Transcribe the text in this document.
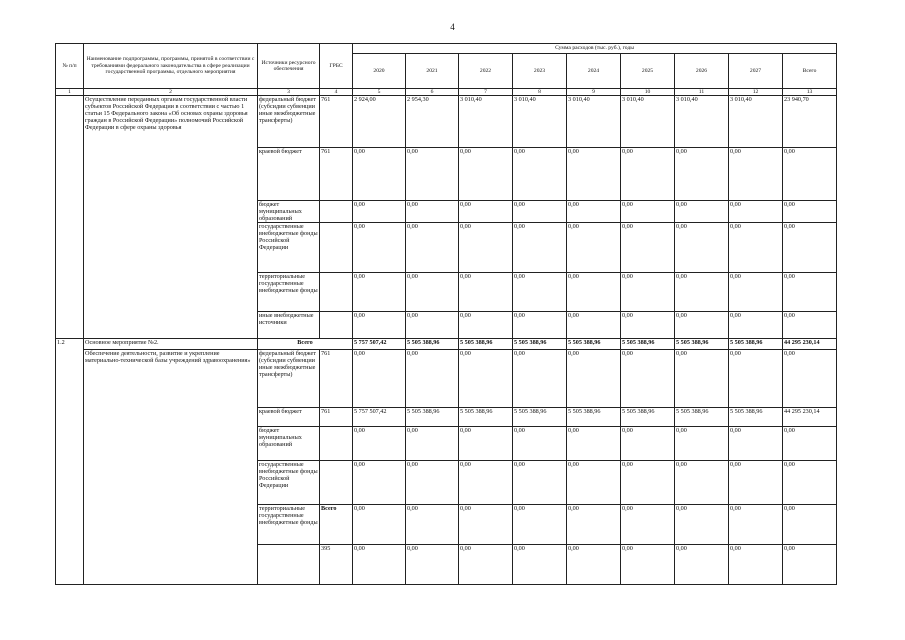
4
№ п/п	Наименование подпрограммы, программы, принятой в соответствии с требованиями федерального законодательства в сфере реализации государственной программы, отдельного мероприятия	Источники ресурсного обеспечения	ГРБС	Сумма расходов (тыс. руб.), годы								
				2020	2021	2022	2023	2024	2025	2026	2027	Всего
1	2	3	4	5	6	7	8	9	10	11	12	13
	Осуществление переданных органам государственной власти субъектов Российской Федерации в соответствии с частью 1 статьи 15 Федерального закона «Об основах охраны здоровья граждан в Российской Федерации» полномочий Российской Федерации в сфере охраны здоровья	федеральный бюджет (субсидии субвенции иные межбюджетные трансферты)	761	2 924,00	2 954,30	3 010,40	3 010,40	3 010,40	3 010,40	3 010,40	3 010,40	23 940,70
		краевой бюджет	761	0,00	0,00	0,00	0,00	0,00	0,00	0,00	0,00	0,00
		бюджет муниципальных образований		0,00	0,00	0,00	0,00	0,00	0,00	0,00	0,00	0,00
		государственные внебюджетные фонды Российской Федерации		0,00	0,00	0,00	0,00	0,00	0,00	0,00	0,00	0,00
		территориальные государственные внебюджетные фонды		0,00	0,00	0,00	0,00	0,00	0,00	0,00	0,00	0,00
		иные внебюджетные источники		0,00	0,00	0,00	0,00	0,00	0,00	0,00	0,00	0,00
1.2	Основное мероприятие №2.	Всего		5 757 507,42	5 505 388,96	5 505 388,96	5 505 388,96	5 505 388,96	5 505 388,96	5 505 388,96	5 505 388,96	44 295 230,14
	Обеспечение деятельности, развитие и укрепление материально-технической базы учреждений здравоохранения»	федеральный бюджет (субсидии субвенции иные межбюджетные трансферты)	761	0,00	0,00	0,00	0,00	0,00	0,00	0,00	0,00	0,00
		краевой бюджет	761	5 757 507,42	5 505 388,96	5 505 388,96	5 505 388,96	5 505 388,96	5 505 388,96	5 505 388,96	5 505 388,96	44 295 230,14
		бюджет муниципальных образований		0,00	0,00	0,00	0,00	0,00	0,00	0,00	0,00	0,00
		государственные внебюджетные фонды Российской Федерации		0,00	0,00	0,00	0,00	0,00	0,00	0,00	0,00	0,00
		территориальные государственные внебюджетные фонды	Всего	0,00	0,00	0,00	0,00	0,00	0,00	0,00	0,00	0,00
			395	0,00	0,00	0,00	0,00	0,00	0,00	0,00	0,00	0,00
